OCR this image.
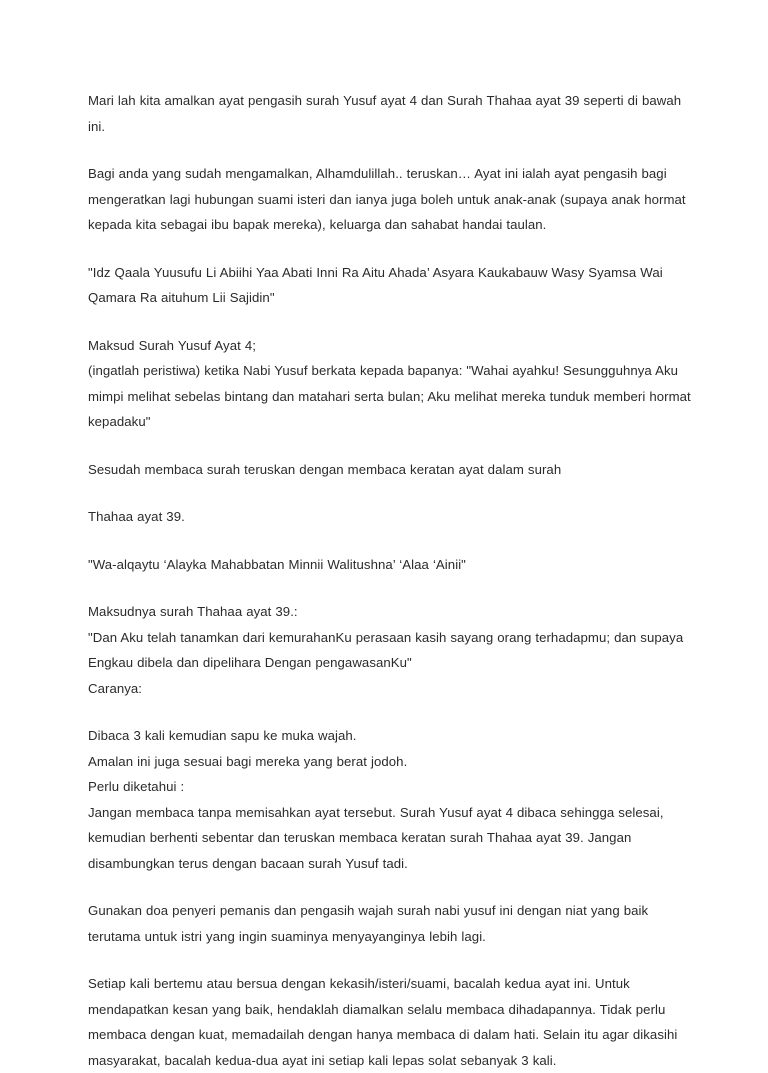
Mari lah kita amalkan ayat pengasih surah Yusuf ayat 4 dan Surah Thahaa ayat 39 seperti di bawah ini.

Bagi anda yang sudah mengamalkan, Alhamdulillah.. teruskan… Ayat ini ialah ayat pengasih bagi mengeratkan lagi hubungan suami isteri dan ianya juga boleh untuk anak-anak (supaya anak hormat kepada kita sebagai ibu bapak mereka), keluarga dan sahabat handai taulan.

"Idz Qaala Yuusufu Li Abiihi Yaa Abati Inni Ra Aitu Ahada’ Asyara Kaukabauw Wasy Syamsa Wai Qamara Ra aituhum Lii Sajidin"

Maksud Surah Yusuf Ayat 4;
(ingatlah peristiwa) ketika Nabi Yusuf berkata kepada bapanya: "Wahai ayahku! Sesungguhnya Aku mimpi melihat sebelas bintang dan matahari serta bulan; Aku melihat mereka tunduk memberi hormat kepadaku"

Sesudah membaca surah teruskan dengan membaca keratan ayat dalam surah

Thahaa ayat 39.

"Wa-alqaytu ‘Alayka Mahabbatan Minnii Walitushna’ ‘Alaa ‘Ainii"

Maksudnya surah Thahaa ayat 39.:
"Dan Aku telah tanamkan dari kemurahanKu perasaan kasih sayang orang terhadapmu; dan supaya Engkau dibela dan dipelihara Dengan pengawasanKu"
Caranya:

Dibaca 3 kali kemudian sapu ke muka wajah.
Amalan ini juga sesuai bagi mereka yang berat jodoh.
Perlu diketahui :
Jangan membaca tanpa memisahkan ayat tersebut. Surah Yusuf ayat 4 dibaca sehingga selesai, kemudian berhenti sebentar dan teruskan membaca keratan surah Thahaa ayat 39. Jangan disambungkan terus dengan bacaan surah Yusuf tadi.

Gunakan doa penyeri pemanis dan pengasih wajah surah nabi yusuf ini dengan niat yang baik terutama untuk istri yang ingin suaminya menyayanginya lebih lagi.

Setiap kali bertemu atau bersua dengan kekasih/isteri/suami, bacalah kedua ayat ini. Untuk mendapatkan kesan yang baik, hendaklah diamalkan selalu membaca dihadapannya. Tidak perlu membaca dengan kuat, memadailah dengan hanya membaca di dalam hati. Selain itu agar dikasihi masyarakat, bacalah kedua-dua ayat ini setiap kali lepas solat sebanyak 3 kali.
